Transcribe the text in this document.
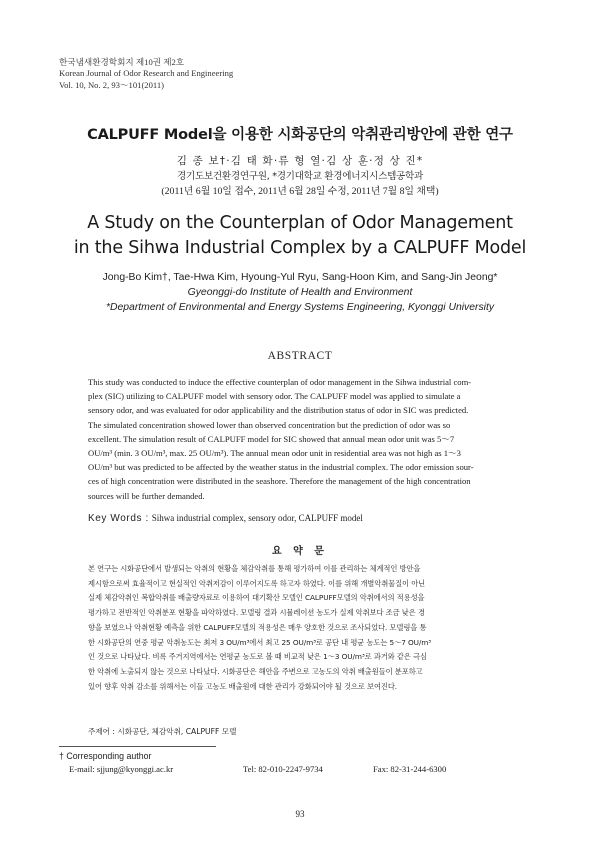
한국냄새환경학회지 제10권 제2호
Korean Journal of Odor Research and Engineering
Vol. 10, No. 2, 93～101(2011)
CALPUFF Model을 이용한 시화공단의 악취관리방안에 관한 연구
김 종 보†·김 태 화·류 형 열·김 상 훈·정 상 진*
경기도보건환경연구원, *경기대학교 환경에너지시스템공학과
(2011년 6월 10일 접수, 2011년 6월 28일 수정, 2011년 7월 8일 채택)
A Study on the Counterplan of Odor Management
in the Sihwa Industrial Complex by a CALPUFF Model
Jong-Bo Kim†, Tae-Hwa Kim, Hyoung-Yul Ryu, Sang-Hoon Kim, and Sang-Jin Jeong*
Gyeonggi-do Institute of Health and Environment
*Department of Environmental and Energy Systems Engineering, Kyonggi University
ABSTRACT
This study was conducted to induce the effective counterplan of odor management in the Sihwa industrial com-
plex (SIC) utilizing to CALPUFF model with sensory odor. The CALPUFF model was applied to simulate a
sensory odor, and was evaluated for odor applicability and the distribution status of odor in SIC was predicted.
The simulated concentration showed lower than observed concentration but the prediction of odor was so
excellent. The simulation result of CALPUFF model for SIC showed that annual mean odor unit was 5～7
OU/m³ (min. 3 OU/m³, max. 25 OU/m³). The annual mean odor unit in residential area was not high as 1～3
OU/m³ but was predicted to be affected by the weather status in the industrial complex. The odor emission sour-
ces of high concentration were distributed in the seashore. Therefore the management of the high concentration
sources will be further demanded.
Key Words : Sihwa industrial complex, sensory odor, CALPUFF model
요 약 문
본 연구는 시화공단에서 발생되는 악취의 현황을 체감악취를 통해 평가하여 이를 관리하는 체계적인 방안을
제시함으로써 효율적이고 현실적인 악취저감이 이루어지도록 하고자 하였다. 이를 위해 개별악취물질이 아닌
실제 체감악취인 복합악취를 배출량자료로 이용하여 대기확산 모델인 CALPUFF모델의 악취에서의 적용성을
평가하고 전반적인 악취분포 현황을 파악하였다. 모델링 결과 시뮬레이션 농도가 실제 악취보다 조금 낮은 경
향을 보였으나 악취현황 예측을 위한 CALPUFF모델의 적용성은 매우 양호한 것으로 조사되었다. 모델링을 통
한 시화공단의 연중 평균 악취농도는 최저 3 OU/m³에서 최고 25 OU/m³로 공단 내 평균 농도는 5～7 OU/m³
인 것으로 나타났다. 비록 주거지역에서는 연평균 농도로 볼 때 비교적 낮은 1～3 OU/m³로 과거와 같은 극심
한 악취에 노출되지 않는 것으로 나타났다. 시화공단은 해안을 주변으로 고농도의 악취 배출원들이 분포하고
있어 향후 악취 감소를 위해서는 이들 고농도 배출원에 대한 관리가 강화되어야 될 것으로 보여진다.
주제어 : 시화공단, 체감악취, CALPUFF 모델
† Corresponding author
E-mail: sjjung@kyonggi.ac.kr	Tel: 82-010-2247-9734	Fax: 82-31-244-6300
93
